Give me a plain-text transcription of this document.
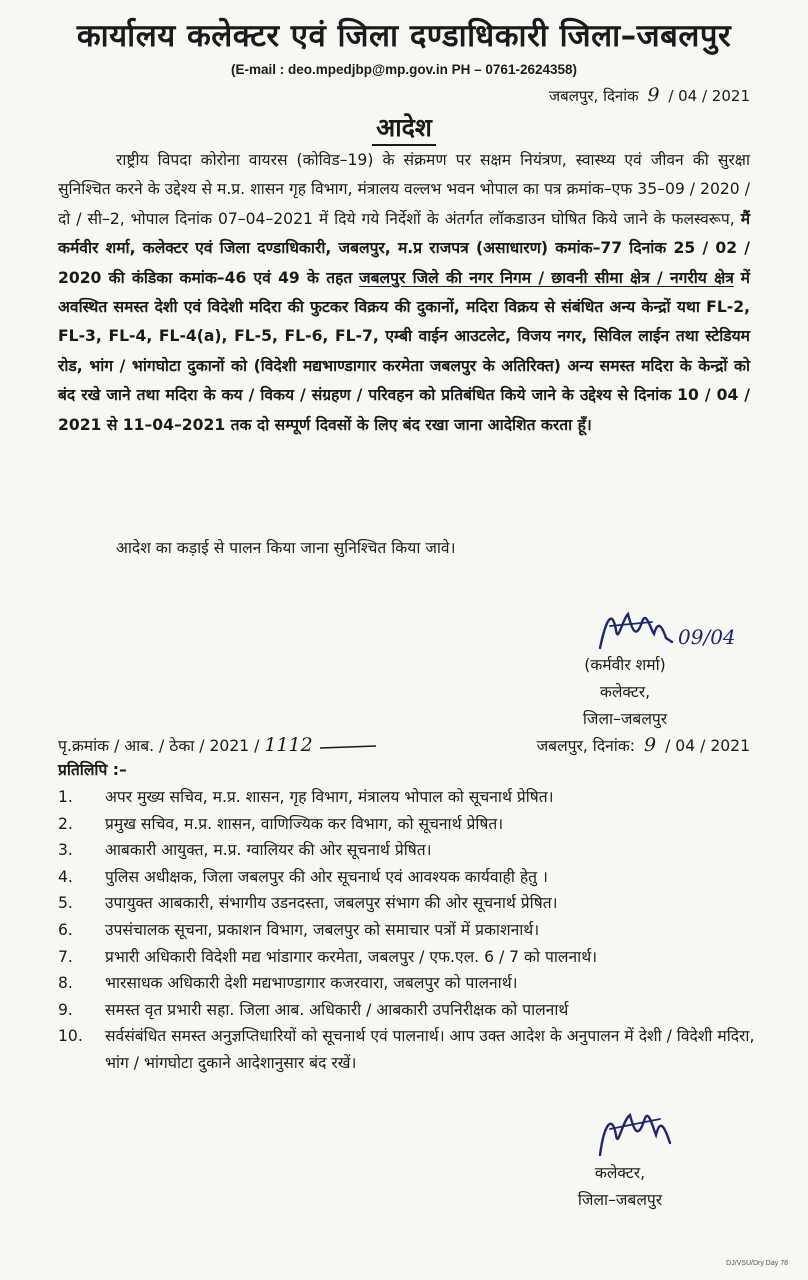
कार्यालय कलेक्टर एवं जिला दण्डाधिकारी जिला–जबलपुर
(E-mail : deo.mpedjbp@mp.gov.in PH – 0761-2624358)
जबलपुर, दिनांक 9 / 04 / 2021
आदेश
राष्ट्रीय विपदा कोरोना वायरस (कोविड–19) के संक्रमण पर सक्षम नियंत्रण, स्वास्थ्य एवं जीवन की सुरक्षा सुनिश्चित करने के उद्देश्य से म.प्र. शासन गृह विभाग, मंत्रालय वल्लभ भवन भोपाल का पत्र क्रमांक–एफ 35–09 / 2020 / दो / सी–2, भोपाल दिनांक 07–04–2021 में दिये गये निर्देशों के अंतर्गत लॉकडाउन घोषित किये जाने के फलस्वरूप, मैं कर्मवीर शर्मा, कलेक्टर एवं जिला दण्डाधिकारी, जबलपुर, म.प्र राजपत्र (असाधारण) कमांक–77 दिनांक 25 / 02 / 2020 की कंडिका कमांक–46 एवं 49 के तहत जबलपुर जिले की नगर निगम / छावनी सीमा क्षेत्र / नगरीय क्षेत्र में अवस्थित समस्त देशी एवं विदेशी मदिरा की फुटकर विक्रय की दुकानों, मदिरा विक्रय से संबंधित अन्य केन्द्रों यथा FL-2, FL-3, FL-4, FL-4(a), FL-5, FL-6, FL-7, एम्बी वाईन आउटलेट, विजय नगर, सिविल लाईन तथा स्टेडियम रोड, भांग / भांगघोटा दुकानों को (विदेशी मद्यभाण्डागार करमेता जबलपुर के अतिरिक्त) अन्य समस्त मदिरा के केन्द्रों को बंद रखे जाने तथा मदिरा के कय / विकय / संग्रहण / परिवहन को प्रतिबंधित किये जाने के उद्देश्य से दिनांक 10 / 04 / 2021 से 11–04–2021 तक दो सम्पूर्ण दिवसों के लिए बंद रखा जाना आदेशित करता हूँ।
आदेश का कड़ाई से पालन किया जाना सुनिश्चित किया जावे।
09/04
(कर्मवीर शर्मा)
कलेक्टर,
जिला–जबलपुर
पृ.क्रमांक / आब. / ठेका / 2021 / 1112	जबलपुर, दिनांक: 9 / 04 / 2021
प्रतिलिपि :–
1.	अपर मुख्य सचिव, म.प्र. शासन, गृह विभाग, मंत्रालय भोपाल को सूचनार्थ प्रेषित।
2.	प्रमुख सचिव, म.प्र. शासन, वाणिज्यिक कर विभाग, को सूचनार्थ प्रेषित।
3.	आबकारी आयुक्त, म.प्र. ग्वालियर की ओर सूचनार्थ प्रेषित।
4.	पुलिस अधीक्षक, जिला जबलपुर की ओर सूचनार्थ एवं आवश्यक कार्यवाही हेतु ।
5.	उपायुक्त आबकारी, संभागीय उडनदस्ता, जबलपुर संभाग की ओर सूचनार्थ प्रेषित।
6.	उपसंचालक सूचना, प्रकाशन विभाग, जबलपुर को समाचार पत्रों में प्रकाशनार्थ।
7.	प्रभारी अधिकारी विदेशी मद्य भांडागार करमेता, जबलपुर / एफ.एल. 6 / 7 को पालनार्थ।
8.	भारसाधक अधिकारी देशी मद्यभाण्डागार कजरवारा, जबलपुर को पालनार्थ।
9.	समस्त वृत प्रभारी सहा. जिला आब. अधिकारी / आबकारी उपनिरीक्षक को पालनार्थ
10.	सर्वसंबंधित समस्त अनुज्ञप्तिधारियों को सूचनार्थ एवं पालनार्थ। आप उक्त आदेश के अनुपालन में देशी / विदेशी मदिरा, भांग / भांगघोटा दुकाने आदेशानुसार बंद रखें।
कलेक्टर,
जिला–जबलपुर
DJ/VSU/Dry Day 78
